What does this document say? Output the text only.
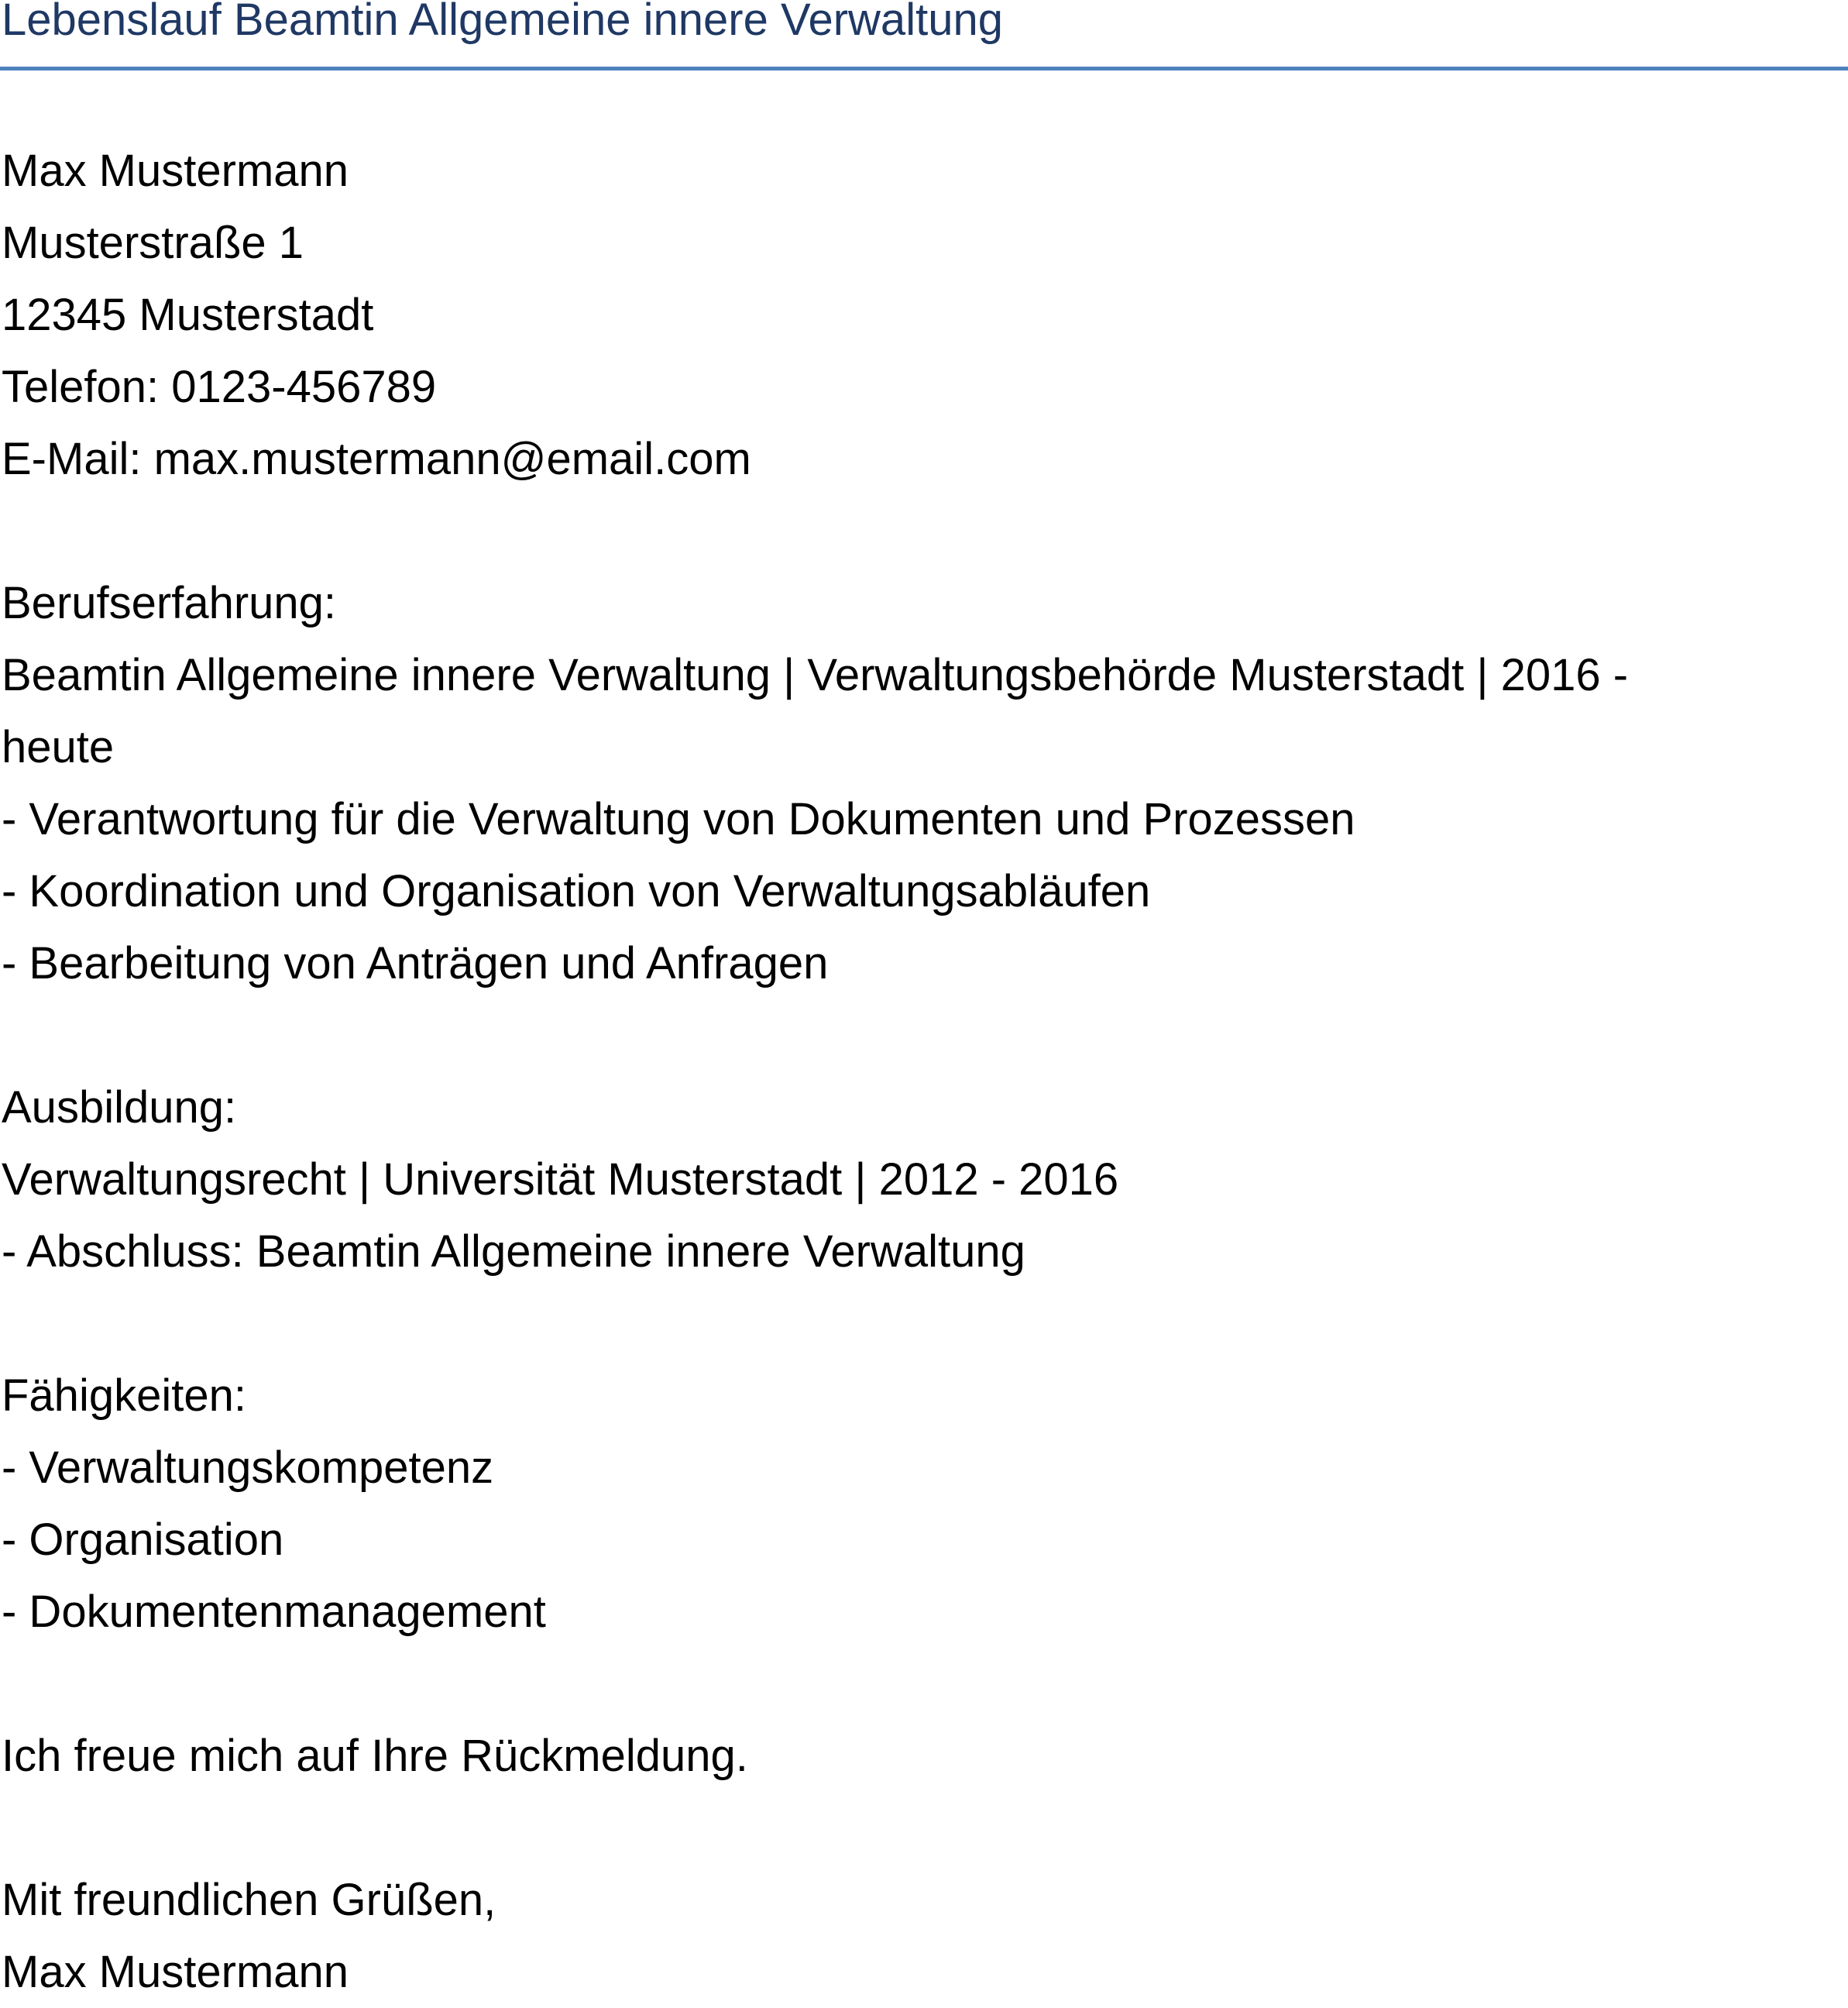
Lebenslauf Beamtin Allgemeine innere Verwaltung
Max Mustermann
Musterstraße 1
12345 Musterstadt
Telefon: 0123-456789
E-Mail: max.mustermann@email.com
Berufserfahrung:
Beamtin Allgemeine innere Verwaltung | Verwaltungsbehörde Musterstadt | 2016 -
heute
- Verantwortung für die Verwaltung von Dokumenten und Prozessen
- Koordination und Organisation von Verwaltungsabläufen
- Bearbeitung von Anträgen und Anfragen
Ausbildung:
Verwaltungsrecht | Universität Musterstadt | 2012 - 2016
- Abschluss: Beamtin Allgemeine innere Verwaltung
Fähigkeiten:
- Verwaltungskompetenz
- Organisation
- Dokumentenmanagement
Ich freue mich auf Ihre Rückmeldung.
Mit freundlichen Grüßen,
Max Mustermann
